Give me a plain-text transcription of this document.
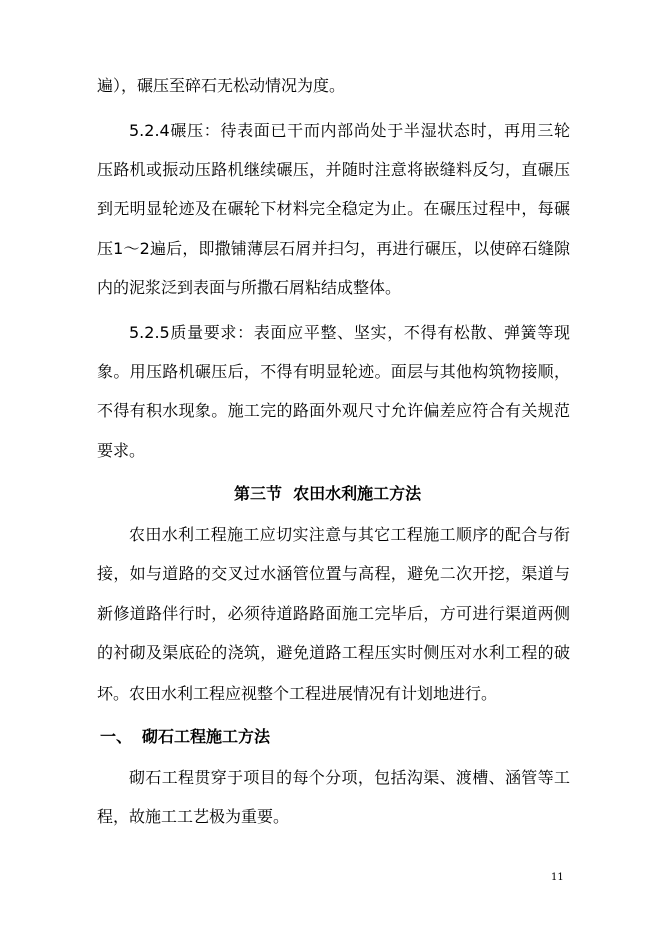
遍），碾压至碎石无松动情况为度。
5.2.4碾压：待表面已干而内部尚处于半湿状态时，再用三轮
压路机或振动压路机继续碾压，并随时注意将嵌缝料反匀，直碾压
到无明显轮迹及在碾轮下材料完全稳定为止。在碾压过程中，每碾
压1～2遍后，即撒铺薄层石屑并扫匀，再进行碾压，以使碎石缝隙
内的泥浆泛到表面与所撒石屑粘结成整体。
5.2.5质量要求：表面应平整、坚实，不得有松散、弹簧等现
象。用压路机碾压后，不得有明显轮迹。面层与其他构筑物接顺，
不得有积水现象。施工完的路面外观尺寸允许偏差应符合有关规范
要求。
第三节  农田水利施工方法
农田水利工程施工应切实注意与其它工程施工顺序的配合与衔
接，如与道路的交叉过水涵管位置与高程，避免二次开挖，渠道与
新修道路伴行时，必须待道路路面施工完毕后，方可进行渠道两侧
的衬砌及渠底砼的浇筑，避免道路工程压实时侧压对水利工程的破
坏。农田水利工程应视整个工程进展情况有计划地进行。
一、 砌石工程施工方法
砌石工程贯穿于项目的每个分项，包括沟渠、渡槽、涵管等工
程，故施工工艺极为重要。
11
